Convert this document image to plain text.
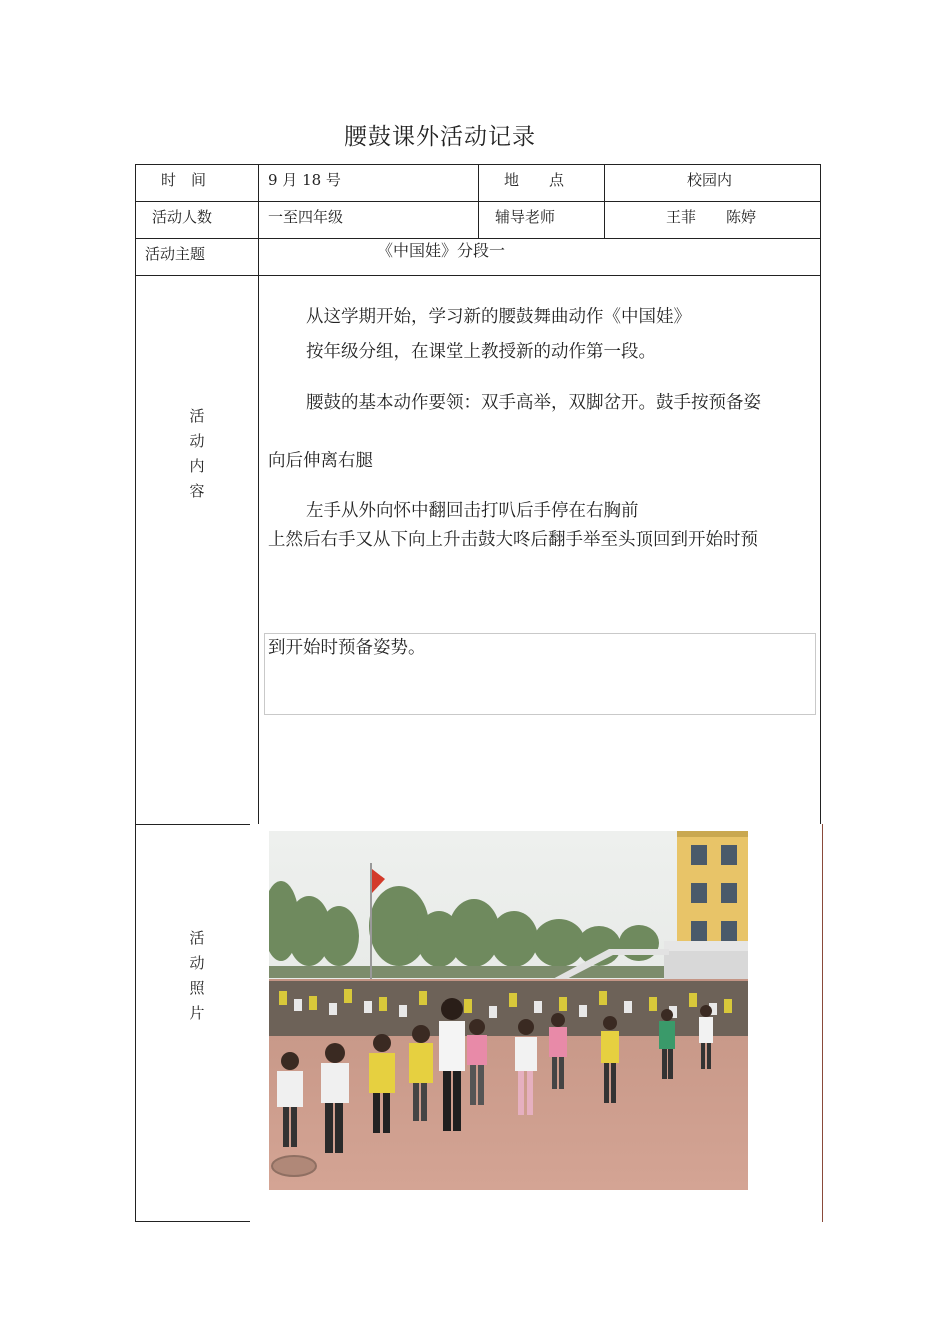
腰鼓课外活动记录
时　间	9 月 18 号	地　　点	校园内
活动人数	一至四年级	辅导老师	王菲　　陈婷
活动主题	《中国娃》分段一
活
动
内
容
从这学期开始，学习新的腰鼓舞曲动作《中国娃》
按年级分组，在课堂上教授新的动作第一段。
腰鼓的基本动作要领：双手高举，双脚岔开。鼓手按预备姿
向后伸离右腿
左手从外向怀中翻回击打叭后手停在右胸前
上然后右手又从下向上升击鼓大咚后翻手举至头顶回到开始时预
到开始时预备姿势。
活
动
照
片
